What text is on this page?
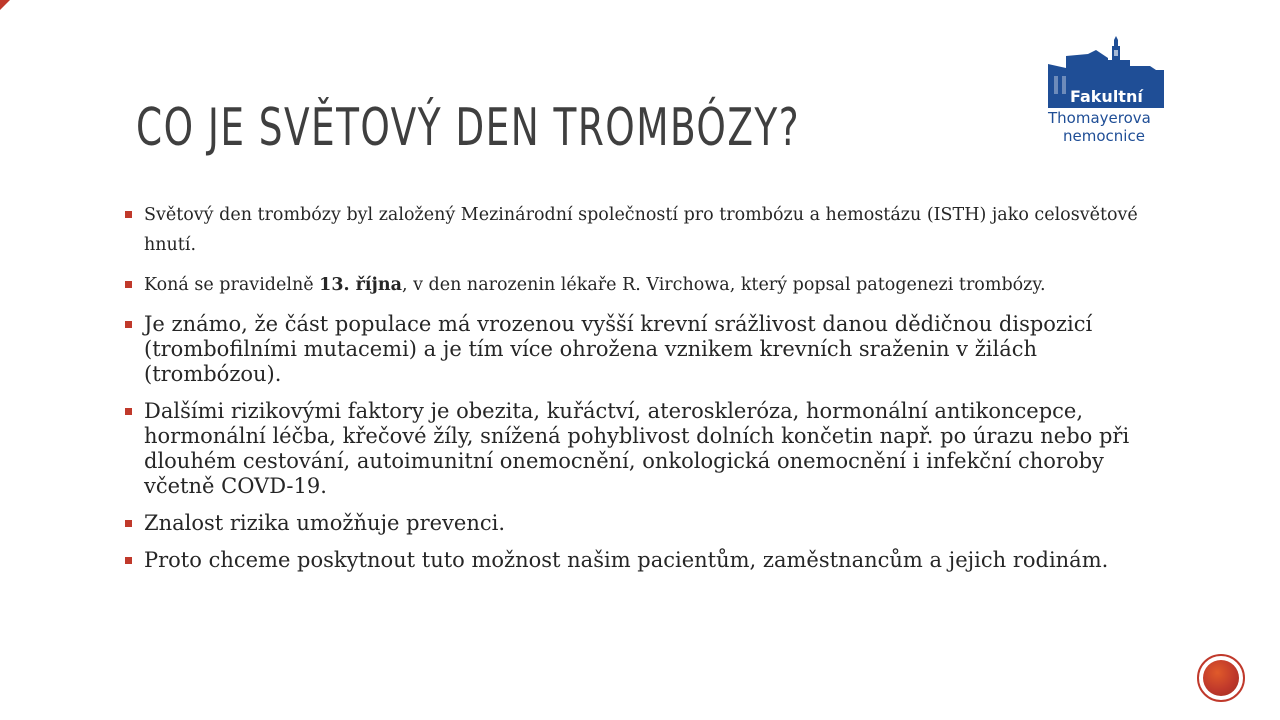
CO JE SVĚTOVÝ DEN TROMBÓZY?
Fakultní
Thomayerova
nemocnice
Světový den trombózy byl založený Mezinárodní společností pro trombózu a hemostázu (ISTH) jako celosvětové hnutí.
Koná se pravidelně 13. října, v den narozenin lékaře R. Virchowa, který popsal patogenezi trombózy.
Je známo, že část populace má vrozenou vyšší krevní srážlivost danou dědičnou dispozicí (trombofilními mutacemi) a je tím více ohrožena vznikem krevních sraženin v žilách (trombózou).
Dalšími rizikovými faktory je obezita, kuřáctví, ateroskleróza, hormonální antikoncepce, hormonální léčba, křečové žíly, snížená pohyblivost dolních končetin např. po úrazu nebo při dlouhém cestování, autoimunitní onemocnění, onkologická onemocnění i infekční choroby včetně COVD-19.
Znalost rizika umožňuje prevenci.
Proto chceme poskytnout tuto možnost našim pacientům, zaměstnancům a jejich rodinám.
